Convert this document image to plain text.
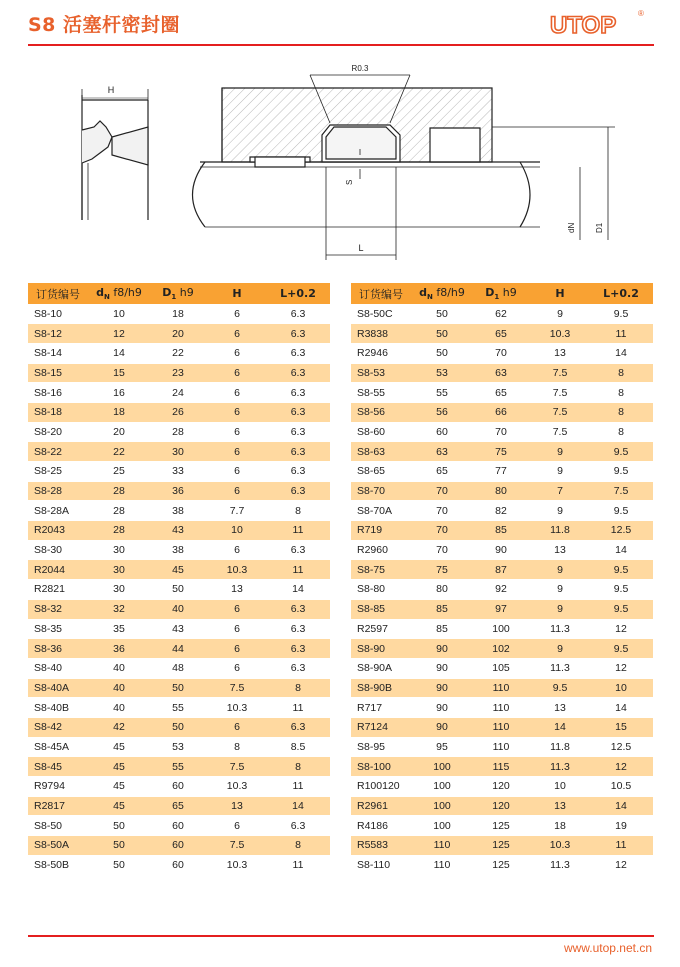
S8 活塞杆密封圈	UTOP	®
H
R0.3
S
L
dN D1
订货编号	$d_N$ f8/h9	$D_1$ h9	H	L+0.2
S8-10	10	18	6	6.3
S8-12	12	20	6	6.3
S8-14	14	22	6	6.3
S8-15	15	23	6	6.3
S8-16	16	24	6	6.3
S8-18	18	26	6	6.3
S8-20	20	28	6	6.3
S8-22	22	30	6	6.3
S8-25	25	33	6	6.3
S8-28	28	36	6	6.3
S8-28A	28	38	7.7	8
R2043	28	43	10	11
S8-30	30	38	6	6.3
R2044	30	45	10.3	11
R2821	30	50	13	14
S8-32	32	40	6	6.3
S8-35	35	43	6	6.3
S8-36	36	44	6	6.3
S8-40	40	48	6	6.3
S8-40A	40	50	7.5	8
S8-40B	40	55	10.3	11
S8-42	42	50	6	6.3
S8-45A	45	53	8	8.5
S8-45	45	55	7.5	8
R9794	45	60	10.3	11
R2817	45	65	13	14
S8-50	50	60	6	6.3
S8-50A	50	60	7.5	8
S8-50B	50	60	10.3	11
订货编号	$d_N$ f8/h9	$D_1$ h9	H	L+0.2
S8-50C	50	62	9	9.5
R3838	50	65	10.3	11
R2946	50	70	13	14
S8-53	53	63	7.5	8
S8-55	55	65	7.5	8
S8-56	56	66	7.5	8
S8-60	60	70	7.5	8
S8-63	63	75	9	9.5
S8-65	65	77	9	9.5
S8-70	70	80	7	7.5
S8-70A	70	82	9	9.5
R719	70	85	11.8	12.5
R2960	70	90	13	14
S8-75	75	87	9	9.5
S8-80	80	92	9	9.5
S8-85	85	97	9	9.5
R2597	85	100	11.3	12
S8-90	90	102	9	9.5
S8-90A	90	105	11.3	12
S8-90B	90	110	9.5	10
R717	90	110	13	14
R7124	90	110	14	15
S8-95	95	110	11.8	12.5
S8-100	100	115	11.3	12
R100120	100	120	10	10.5
R2961	100	120	13	14
R4186	100	125	18	19
R5583	110	125	10.3	11
S8-110	110	125	11.3	12
www.utop.net.cn
